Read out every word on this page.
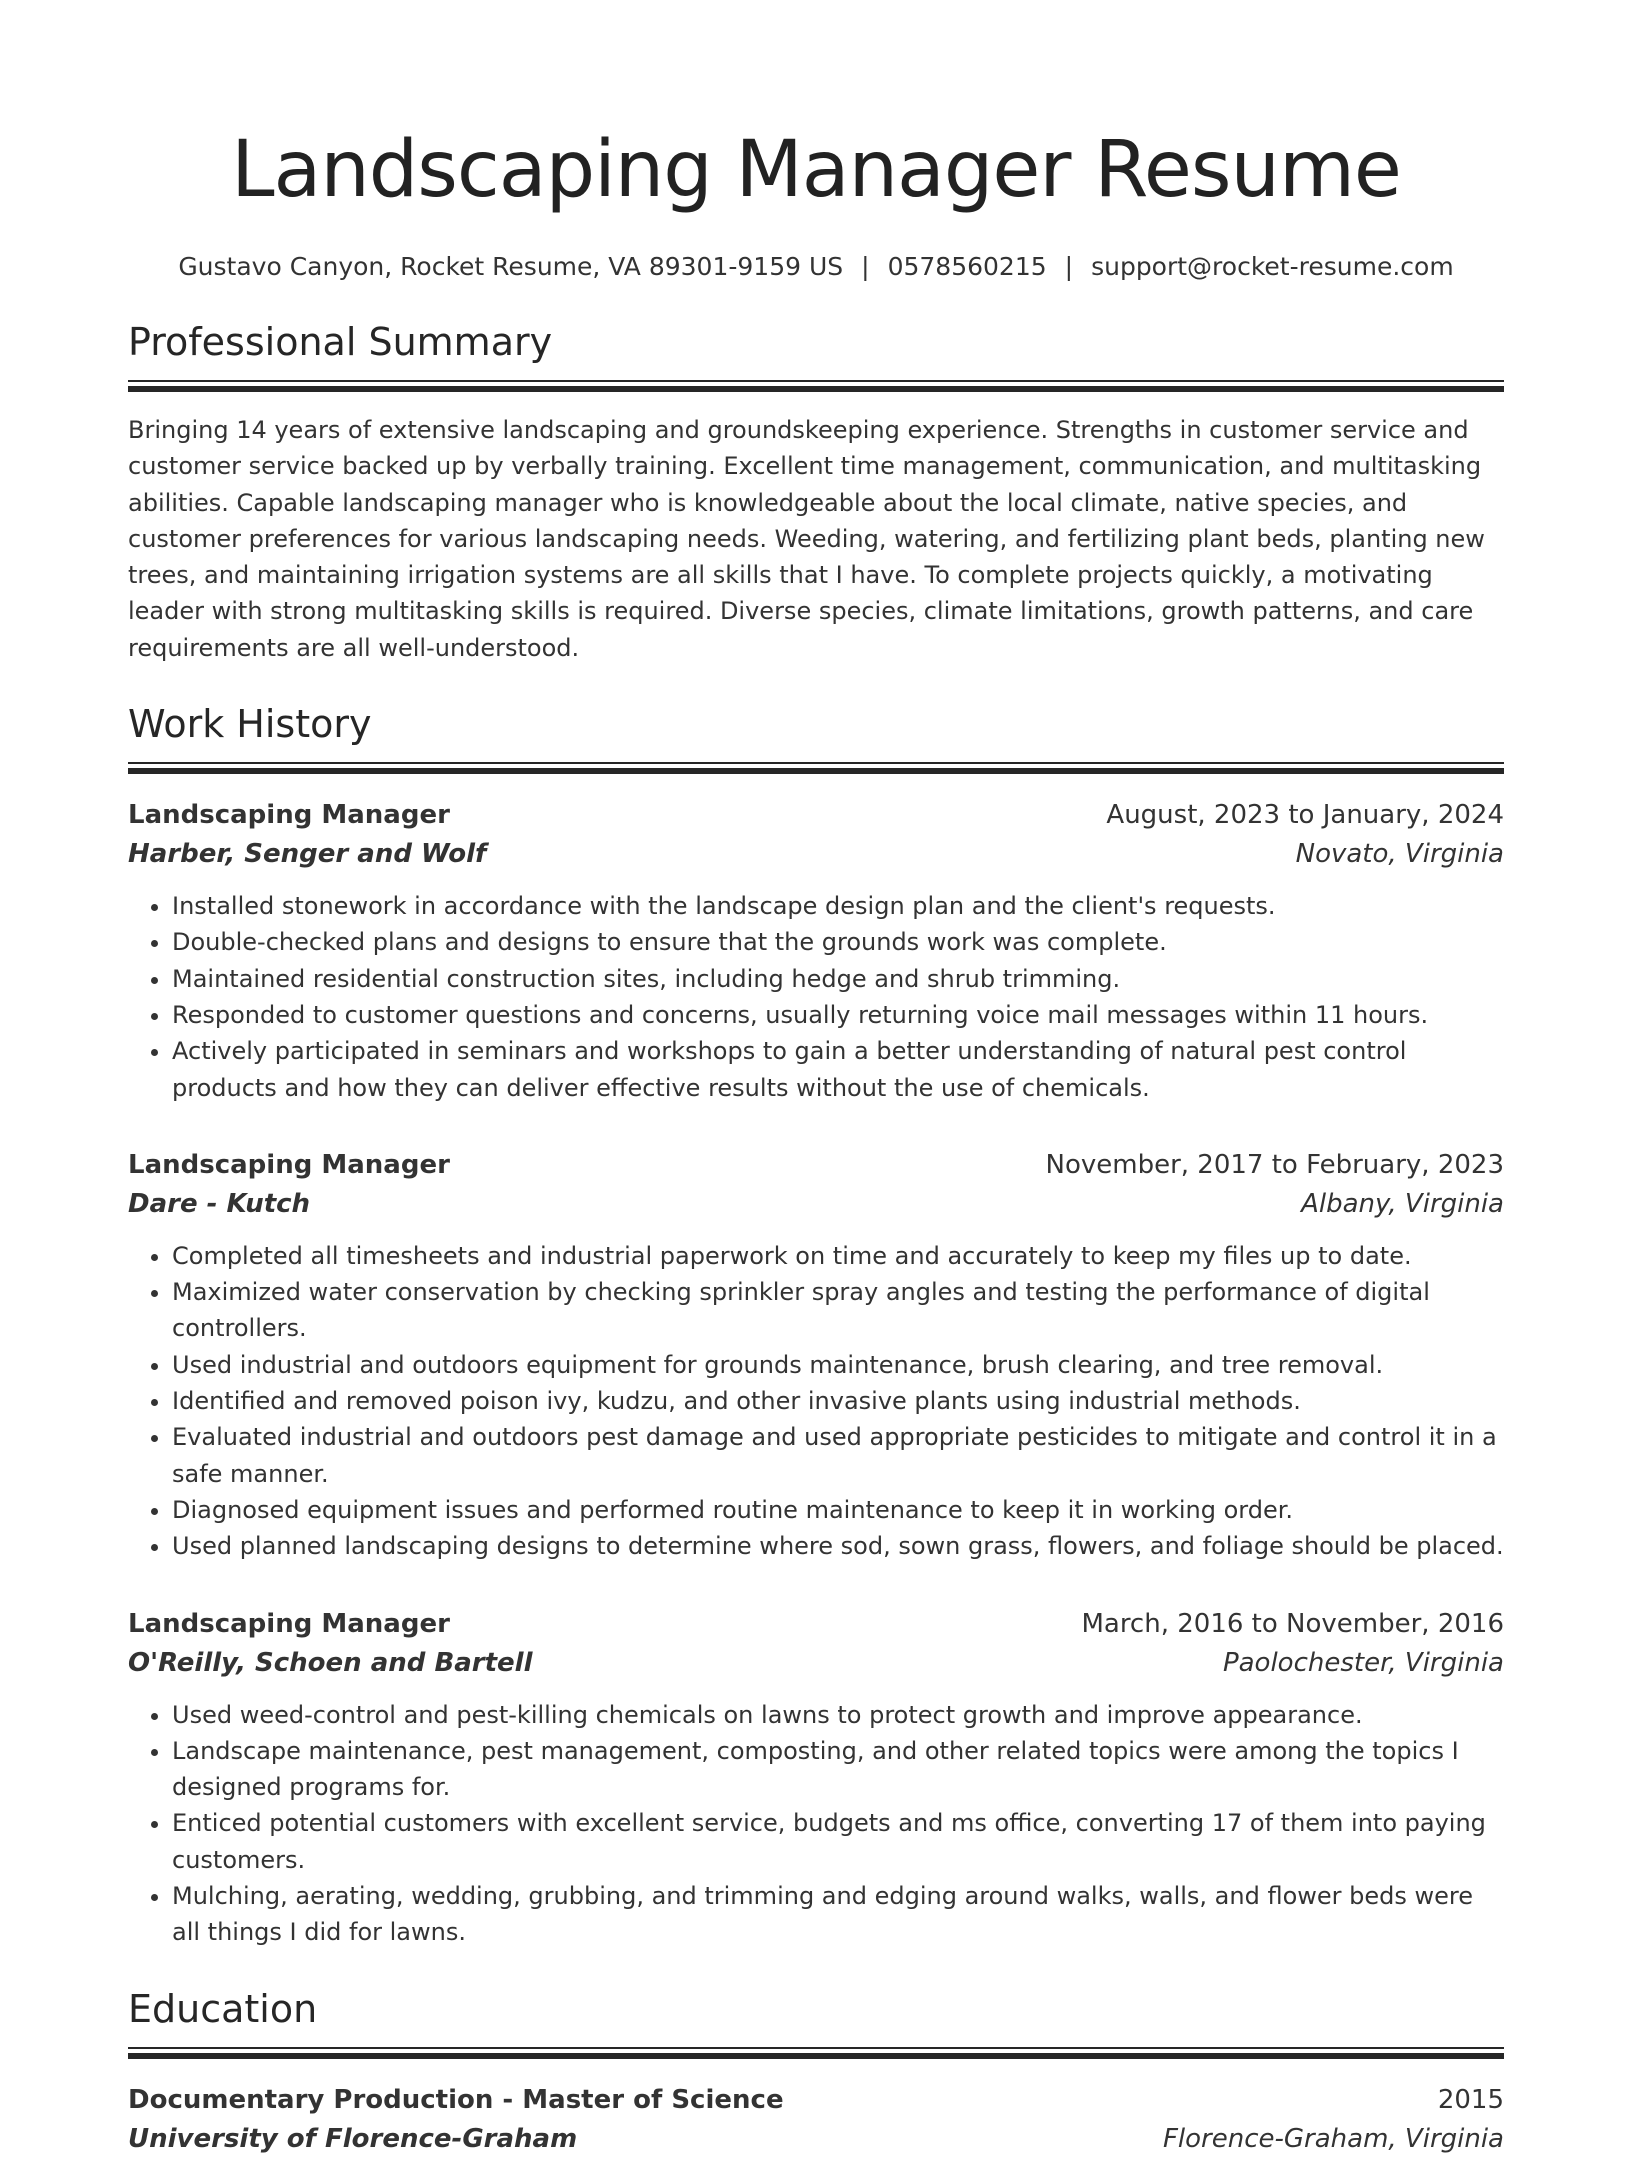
Landscaping Manager Resume
Gustavo Canyon, Rocket Resume, VA 89301-9159 US | 0578560215 | support@rocket-resume.com
Professional Summary

Bringing 14 years of extensive landscaping and groundskeeping experience. Strengths in customer service and customer service backed up by verbally training. Excellent time management, communication, and multitasking abilities. Capable landscaping manager who is knowledgeable about the local climate, native species, and customer preferences for various landscaping needs. Weeding, watering, and fertilizing plant beds, planting new trees, and maintaining irrigation systems are all skills that I have. To complete projects quickly, a motivating leader with strong multitasking skills is required. Diverse species, climate limitations, growth patterns, and care requirements are all well-understood.

Work History
Landscaping Manager	August, 2023 to January, 2024
Harber, Senger and Wolf	Novato, Virginia
• Installed stonework in accordance with the landscape design plan and the client's requests.
• Double-checked plans and designs to ensure that the grounds work was complete.
• Maintained residential construction sites, including hedge and shrub trimming.
• Responded to customer questions and concerns, usually returning voice mail messages within 11 hours.
• Actively participated in seminars and workshops to gain a better understanding of natural pest control products and how they can deliver effective results without the use of chemicals.
Landscaping Manager	November, 2017 to February, 2023
Dare - Kutch	Albany, Virginia
• Completed all timesheets and industrial paperwork on time and accurately to keep my files up to date.
• Maximized water conservation by checking sprinkler spray angles and testing the performance of digital controllers.
• Used industrial and outdoors equipment for grounds maintenance, brush clearing, and tree removal.
• Identified and removed poison ivy, kudzu, and other invasive plants using industrial methods.
• Evaluated industrial and outdoors pest damage and used appropriate pesticides to mitigate and control it in a safe manner.
• Diagnosed equipment issues and performed routine maintenance to keep it in working order.
• Used planned landscaping designs to determine where sod, sown grass, flowers, and foliage should be placed.
Landscaping Manager	March, 2016 to November, 2016
O'Reilly, Schoen and Bartell	Paolochester, Virginia
• Used weed-control and pest-killing chemicals on lawns to protect growth and improve appearance.
• Landscape maintenance, pest management, composting, and other related topics were among the topics I designed programs for.
• Enticed potential customers with excellent service, budgets and ms office, converting 17 of them into paying customers.
• Mulching, aerating, wedding, grubbing, and trimming and edging around walks, walls, and flower beds were all things I did for lawns.
Education
Documentary Production - Master of Science	2015
University of Florence-Graham	Florence-Graham, Virginia
